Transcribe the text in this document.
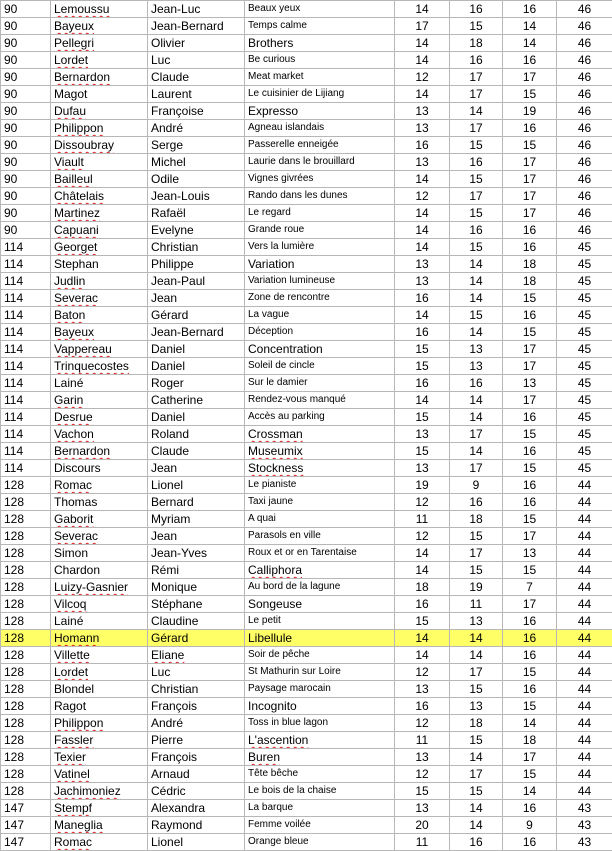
90	Lemoussu	Jean-Luc	Beaux yeux	14	16	16	46
90	Bayeux	Jean-Bernard	Temps calme	17	15	14	46
90	Pellegri	Olivier	Brothers	14	18	14	46
90	Lordet	Luc	Be curious	14	16	16	46
90	Bernardon	Claude	Meat market	12	17	17	46
90	Magot	Laurent	Le cuisinier de Lijiang	14	17	15	46
90	Dufau	Françoise	Expresso	13	14	19	46
90	Philippon	André	Agneau islandais	13	17	16	46
90	Dissoubray	Serge	Passerelle enneigée	16	15	15	46
90	Viault	Michel	Laurie dans le brouillard	13	16	17	46
90	Bailleul	Odile	Vignes givrées	14	15	17	46
90	Châtelais	Jean-Louis	Rando dans les dunes	12	17	17	46
90	Martinez	Rafaël	Le regard	14	15	17	46
90	Capuani	Evelyne	Grande roue	14	16	16	46
114	Georget	Christian	Vers la lumière	14	15	16	45
114	Stephan	Philippe	Variation	13	14	18	45
114	Judlin	Jean-Paul	Variation lumineuse	13	14	18	45
114	Severac	Jean	Zone de rencontre	16	14	15	45
114	Baton	Gérard	La vague	14	15	16	45
114	Bayeux	Jean-Bernard	Déception	16	14	15	45
114	Vappereau	Daniel	Concentration	15	13	17	45
114	Trinquecostes	Daniel	Soleil de cincle	15	13	17	45
114	Lainé	Roger	Sur le damier	16	16	13	45
114	Garin	Catherine	Rendez-vous manqué	14	14	17	45
114	Desrue	Daniel	Accès au parking	15	14	16	45
114	Vachon	Roland	Crossman	13	17	15	45
114	Bernardon	Claude	Museumix	15	14	16	45
114	Discours	Jean	Stockness	13	17	15	45
128	Romac	Lionel	Le pianiste	19	9	16	44
128	Thomas	Bernard	Taxi jaune	12	16	16	44
128	Gaborit	Myriam	A quai	11	18	15	44
128	Severac	Jean	Parasols en ville	12	15	17	44
128	Simon	Jean-Yves	Roux et or en Tarentaise	14	17	13	44
128	Chardon	Rémi	Calliphora	14	15	15	44
128	Luizy-Gasnier	Monique	Au bord de la lagune	18	19	7	44
128	Vilcoq	Stéphane	Songeuse	16	11	17	44
128	Lainé	Claudine	Le petit	15	13	16	44
128	Homann	Gérard	Libellule	14	14	16	44
128	Villette	Eliane	Soir de pêche	14	14	16	44
128	Lordet	Luc	St Mathurin sur Loire	12	17	15	44
128	Blondel	Christian	Paysage marocain	13	15	16	44
128	Ragot	François	Incognito	16	13	15	44
128	Philippon	André	Toss in blue lagon	12	18	14	44
128	Fassler	Pierre	L'ascention	11	15	18	44
128	Texier	François	Buren	13	14	17	44
128	Vatinel	Arnaud	Tête bêche	12	17	15	44
128	Jachimoniez	Cédric	Le bois de la chaise	15	15	14	44
147	Stempf	Alexandra	La barque	13	14	16	43
147	Maneglia	Raymond	Femme voilée	20	14	9	43
147	Romac	Lionel	Orange bleue	11	16	16	43
